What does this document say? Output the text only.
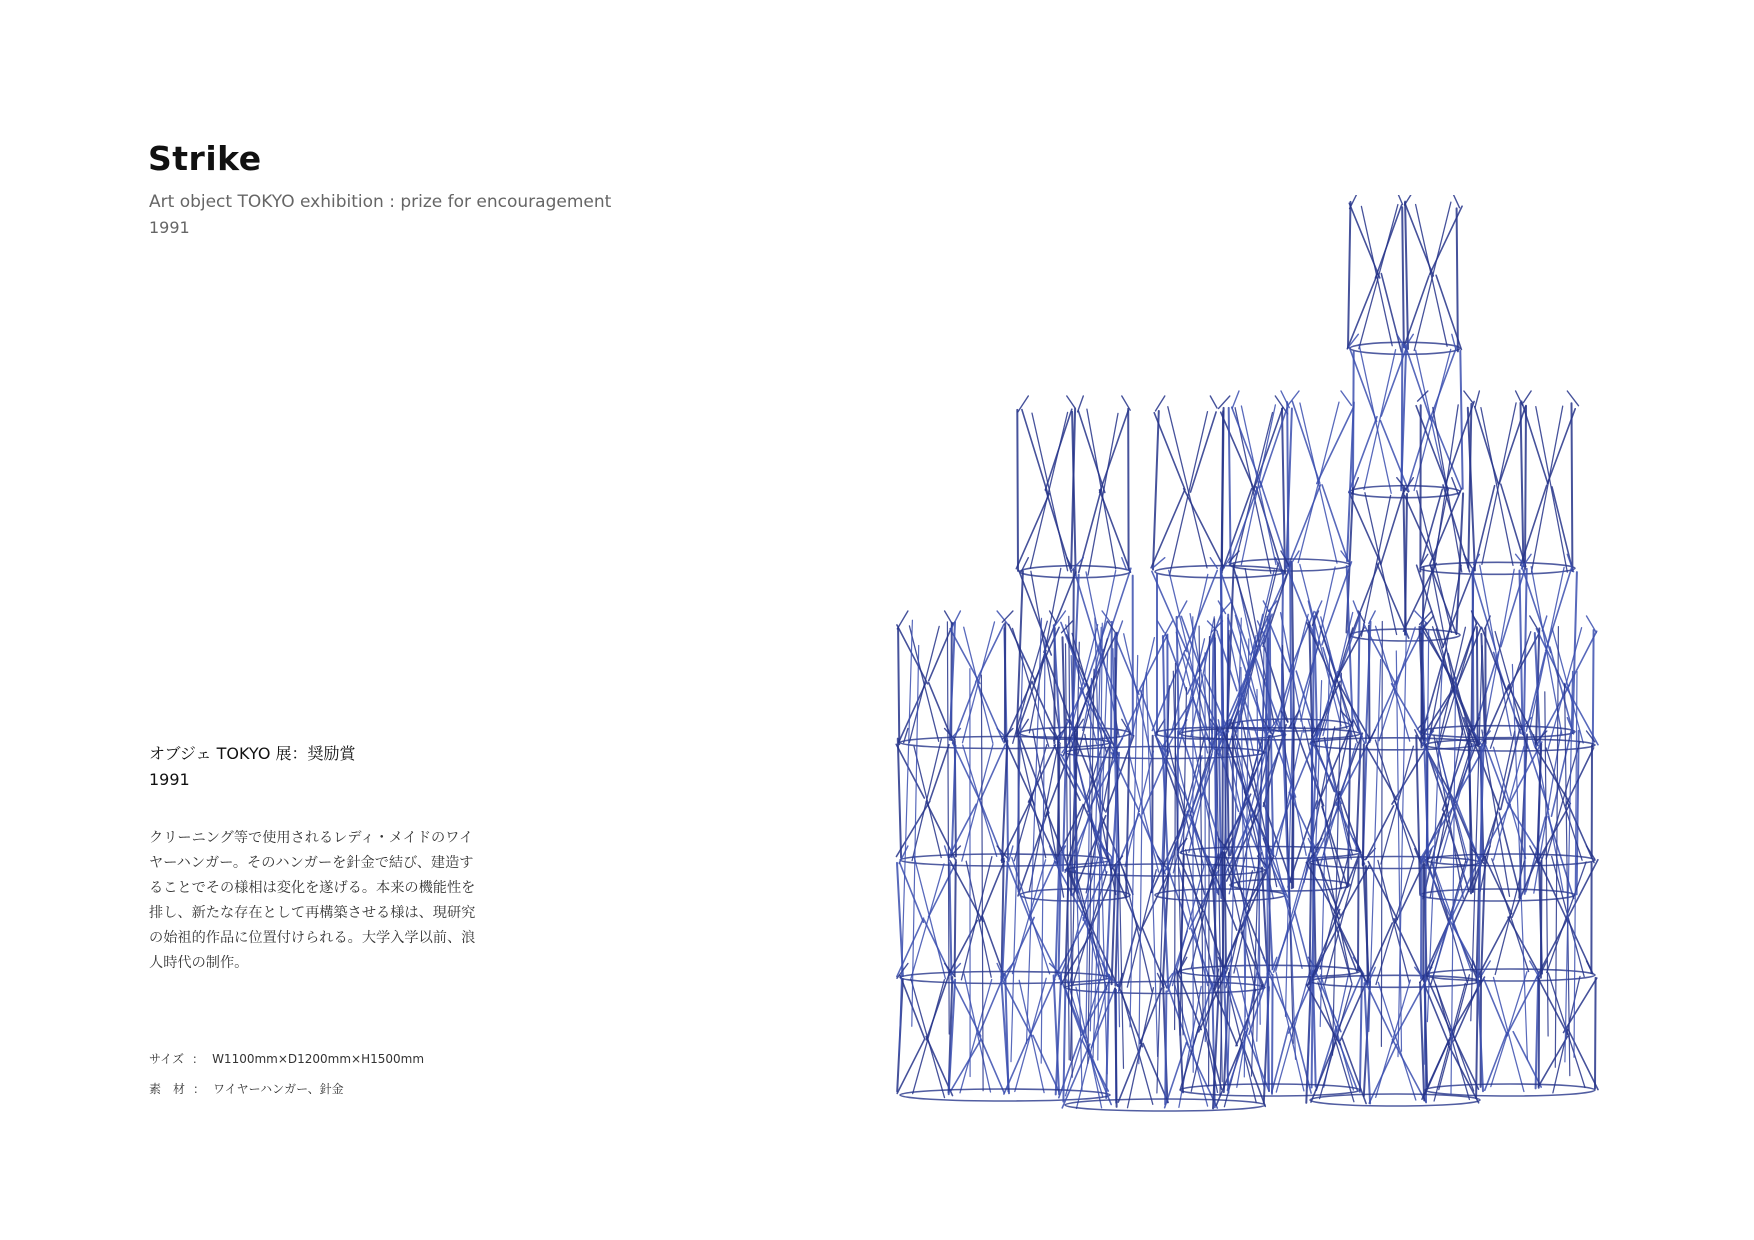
Strike
Art object TOKYO exhibition : prize for encouragement
1991
オブジェ TOKYO 展：奨励賞
1991

クリーニング等で使用されるレディ・メイドのワイ
ヤーハンガー。そのハンガーを針金で結び、建造す
ることでその様相は変化を遂げる。本来の機能性を
排し、新たな存在として再構築させる様は、現研究
の始祖的作品に位置付けられる。大学入学以前、浪
人時代の制作。

サイズ ： W1100mm×D1200mm×H1500mm
素　材 ： ワイヤーハンガー、針金
